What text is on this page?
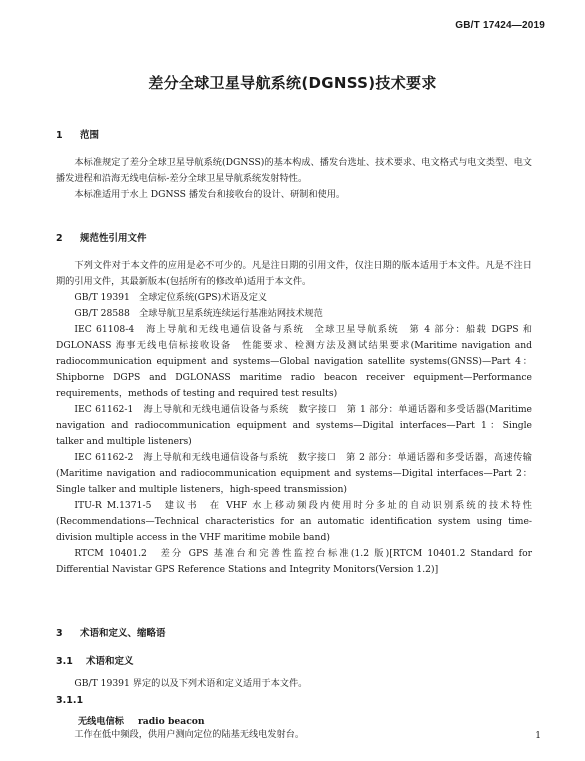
GB/T 17424—2019
差分全球卫星导航系统(DGNSS)技术要求
1 范围

本标准规定了差分全球卫星导航系统(DGNSS)的基本构成、播发台选址、技术要求、电文格式与电文类型、电文播发进程和沿海无线电信标-差分全球卫星导航系统发射特性。

本标准适用于水上 DGNSS 播发台和接收台的设计、研制和使用。

2 规范性引用文件

下列文件对于本文件的应用是必不可少的。凡是注日期的引用文件，仅注日期的版本适用于本文件。凡是不注日期的引用文件，其最新版本(包括所有的修改单)适用于本文件。

GB/T 19391　全球定位系统(GPS)术语及定义

GB/T 28588　全球导航卫星系统连续运行基准站网技术规范

IEC 61108-4　海上导航和无线电通信设备与系统　全球卫星导航系统　第 4 部分：船载 DGPS 和 DGLONASS 海事无线电信标接收设备　性能要求、检测方法及测试结果要求(Maritime navigation and radiocommunication equipment and systems—Global navigation satellite systems(GNSS)—Part 4：Shipborne DGPS and DGLONASS maritime radio beacon receiver equipment—Performance requirements，methods of testing and required test results)

IEC 61162-1　海上导航和无线电通信设备与系统　数字接口　第 1 部分：单通话器和多受话器(Maritime navigation and radiocommunication equipment and systems—Digital interfaces—Part 1：Single talker and multiple listeners)

IEC 61162-2　海上导航和无线电通信设备与系统　数字接口　第 2 部分：单通话器和多受话器，高速传输(Maritime navigation and radiocommunication equipment and systems—Digital interfaces—Part 2：Single talker and multiple listeners，high-speed transmission)

ITU-R M.1371-5　建议书　在 VHF 水上移动频段内使用时分多址的自动识别系统的技术特性(Recommendations—Technical characteristics for an automatic identification system using time-division multiple access in the VHF maritime mobile band)

RTCM 10401.2　差分 GPS 基准台和完善性监控台标准(1.2 版)[RTCM 10401.2 Standard for Differential Navistar GPS Reference Stations and Integrity Monitors(Version 1.2)]

3 术语和定义、缩略语
3.1 术语和定义

GB/T 19391 界定的以及下列术语和定义适用于本文件。

3.1.1
无线电信标 radio beacon

工作在低中频段，供用户测向定位的陆基无线电发射台。	1
